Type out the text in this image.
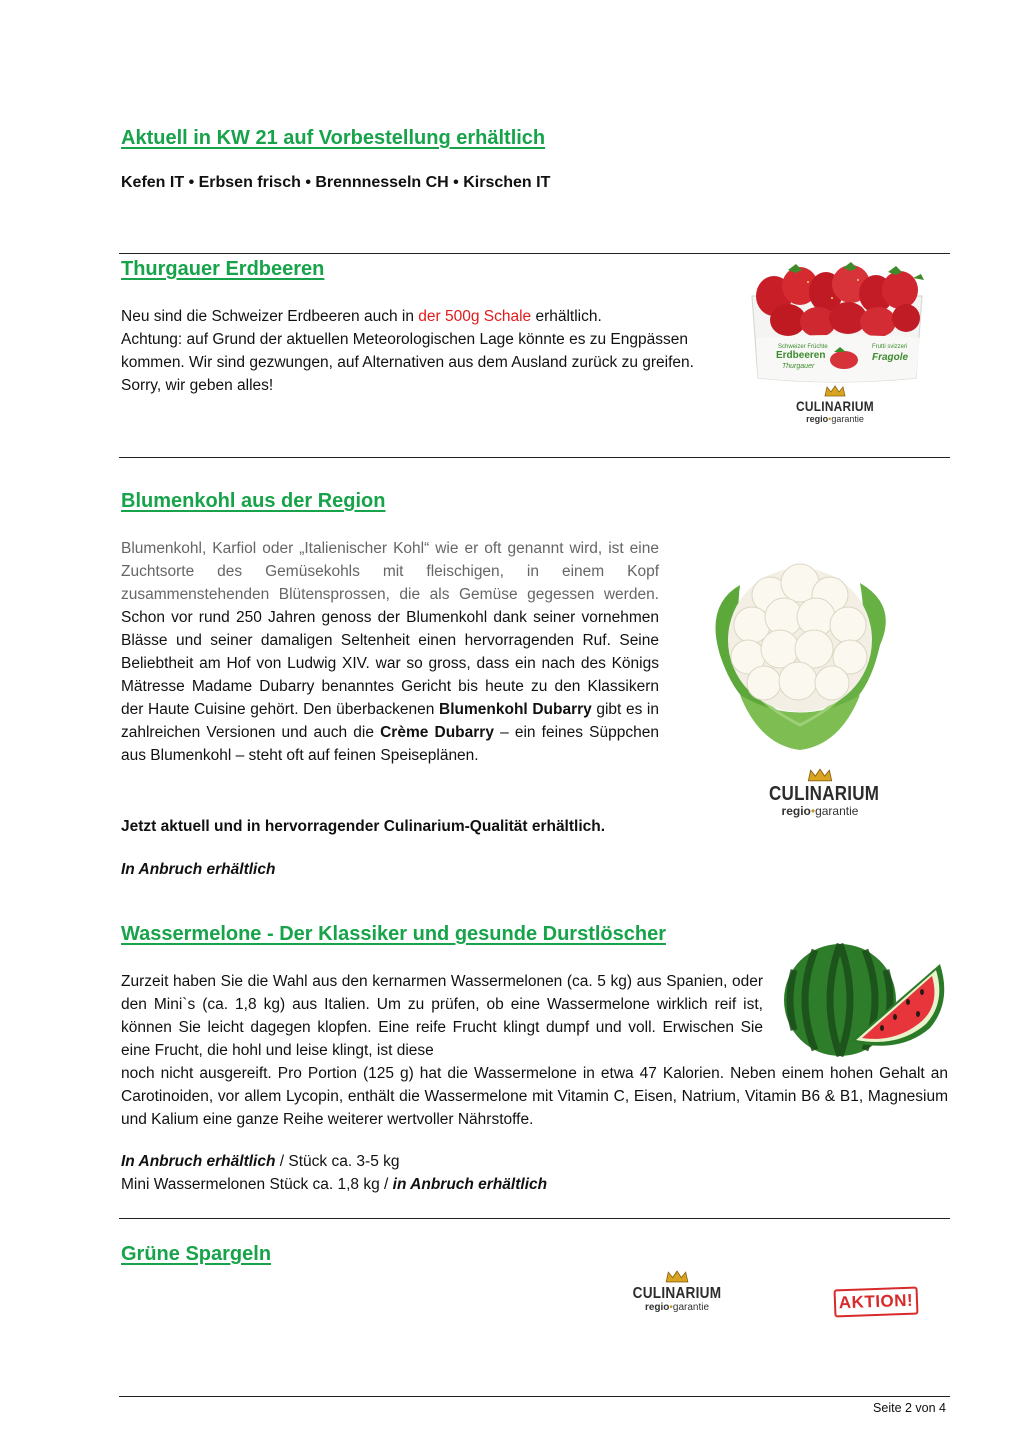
Aktuell in KW 21 auf Vorbestellung erhältlich

Kefen IT • Erbsen frisch • Brennnesseln CH • Kirschen IT

Thurgauer Erdbeeren
Neu sind die Schweizer Erdbeeren auch in der 500g Schale erhältlich.
Achtung: auf Grund der aktuellen Meteorologischen Lage könnte es zu Engpässen kommen. Wir sind gezwungen, auf Alternativen aus dem Ausland zurück zu greifen. Sorry, wir geben alles!
Schweizer Früchte
Erdbeeren
Thurgauer
Frutti svizzeri
Fragole
CULINARIUM
regio•garantie
Blumenkohl aus der Region
Blumenkohl, Karfiol oder „Italienischer Kohl“ wie er oft genannt wird, ist eine Zuchtsorte des Gemüsekohls mit fleischigen, in einem Kopf zusammenstehenden Blütensprossen, die als Gemüse gegessen werden. Schon vor rund 250 Jahren genoss der Blumenkohl dank seiner vornehmen Blässe und seiner damaligen Seltenheit einen hervorragenden Ruf. Seine Beliebtheit am Hof von Ludwig XIV. war so gross, dass ein nach des Königs Mätresse Madame Dubarry benanntes Gericht bis heute zu den Klassikern der Haute Cuisine gehört. Den überbackenen Blumenkohl Dubarry gibt es in zahlreichen Versionen und auch die Crème Dubarry – ein feines Süppchen aus Blumenkohl – steht oft auf feinen Speiseplänen.

Jetzt aktuell und in hervorragender Culinarium-Qualität erhältlich.

In Anbruch erhältlich

CULINARIUM
regio•garantie
Wassermelone - Der Klassiker und gesunde Durstlöscher
Zurzeit haben Sie die Wahl aus den kernarmen Wassermelonen (ca. 5 kg) aus Spanien, oder den Mini`s (ca. 1,8 kg) aus Italien. Um zu prüfen, ob eine Wassermelone wirklich reif ist, können Sie leicht dagegen klopfen. Eine reife Frucht klingt dumpf und voll. Erwischen Sie eine Frucht, die hohl und leise klingt, ist diese
noch nicht ausgereift. Pro Portion (125 g) hat die Wassermelone in etwa 47 Kalorien. Neben einem hohen Gehalt an Carotinoiden, vor allem Lycopin, enthält die Wassermelone mit Vitamin C, Eisen, Natrium, Vitamin B6 & B1, Magnesium und Kalium eine ganze Reihe weiterer wertvoller Nährstoffe.

In Anbruch erhältlich / Stück ca. 3-5 kg

Mini Wassermelonen Stück ca. 1,8 kg / in Anbruch erhältlich

Grüne Spargeln
CULINARIUM
regio•garantie	AKTION!

Seite 2 von 4
